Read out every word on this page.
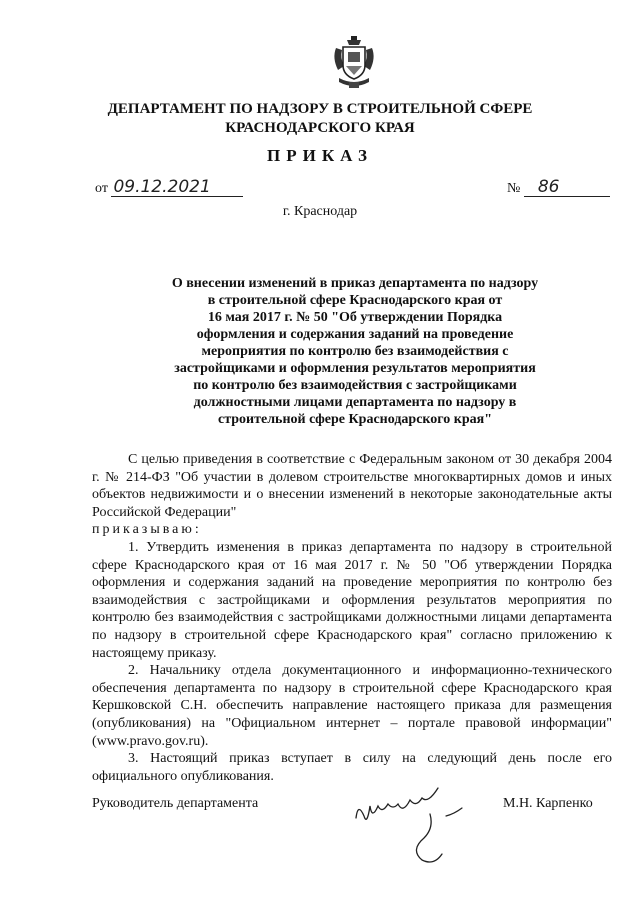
ДЕПАРТАМЕНТ ПО НАДЗОРУ В СТРОИТЕЛЬНОЙ СФЕРЕ
КРАСНОДАРСКОГО КРАЯ
ПРИКАЗ
от 09.12.2021	№ 86
г. Краснодар
О внесении изменений в приказ департамента по надзору
в строительной сфере Краснодарского края от
16 мая 2017 г. № 50 "Об утверждении Порядка
оформления и содержания заданий на проведение
мероприятия по контролю без взаимодействия с
застройщиками и оформления результатов мероприятия
по контролю без взаимодействия с застройщиками
должностными лицами департамента по надзору в
строительной сфере Краснодарского края"

С целью приведения в соответствие с Федеральным законом от 30 декабря 2004 г. № 214-ФЗ "Об участии в долевом строительстве многоквартирных домов и иных объектов недвижимости и о внесении изменений в некоторые законодательные акты Российской Федерации"

приказываю:

1. Утвердить изменения в приказ департамента по надзору в строительной сфере Краснодарского края от 16 мая 2017 г. № 50 "Об утверждении Порядка оформления и содержания заданий на проведение мероприятия по контролю без взаимодействия с застройщиками и оформления результатов мероприятия по контролю без взаимодействия с застройщиками должностными лицами департамента по надзору в строительной сфере Краснодарского края" согласно приложению к настоящему приказу.

2. Начальнику отдела документационного и информационно-технического обеспечения департамента по надзору в строительной сфере Краснодарского края Кершковской С.Н. обеспечить направление настоящего приказа для размещения (опубликования) на "Официальном интернет – портале правовой информации" (www.pravo.gov.ru).

3. Настоящий приказ вступает в силу на следующий день после его официального опубликования.

Руководитель департамента	М.Н. Карпенко
